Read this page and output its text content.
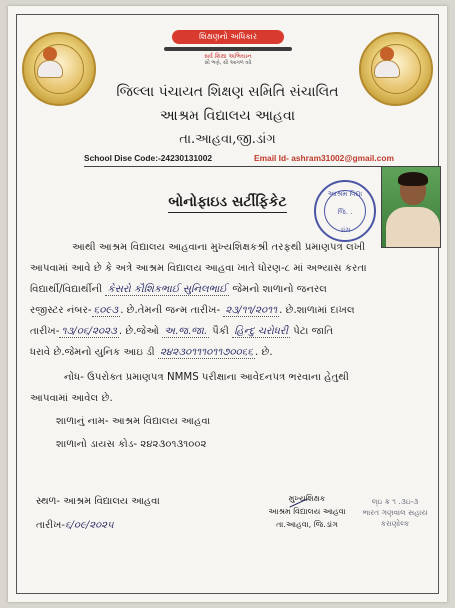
શિક્ષણનો અધિકાર
સર્વ શિક્ષા અભિયાન
સૌ ભણે, સૌ આગળ વધે
જિલ્લા પંચાયત શિક્ષણ સમિતિ સંચાલિત
આશ્રમ વિદ્યાલય આહવા
તા.આહવા,જી.ડાંગ
School Dise Code:-24230131002	Email Id- ashram31002@gmail.com
આશ્રમ વિદ્યા
જિ. .
ડાંગ
બોનોફાઇડ સર્ટીફિકેટ
આથી આશ્રમ વિદ્યાલય આહવાના મુખ્યશિક્ષકશ્રી તરફથી પ્રમાણપત્ર લખી
આપવામાં આવે છે કે અત્રે આશ્રમ વિદ્યાલય આહવા ખાતે ધોરણ-૮ માં અભ્યાસ કરતા
વિદ્યાર્થી/વિદ્યાર્થીની કેસરો કૌશિકભાઈ સુનિલભાઈ જેમનો શાળાનો જનરલ
રજીસ્ટર નંબર- ૬૦૯૩ . છે.તેમની જન્મ તારીખ- ૨૩/૧૧/૨૦૧૧ . છે.શાળામાં દાખલ
તારીખ- ૧૩/૦૬/૨૦૨૩ . છે.જેઓ અ.જ.જા. પૈકી હિન્દુ ચરોધરી પેટા જાતિ
ધરાવે છે.જેમનો યુનિક આઇ ડી ૨૪૨૩૦૧૧૧૦૧૧૭૦૦૬૬ . છે.
નોંધ- ઉપરોક્ત પ્રમાણપત્ર NMMS પરીક્ષાના આવેદનપત્ર ભરવાના હેતુથી
આપવામાં આવેલ છે.
શાળાનું નામ- આશ્રમ વિદ્યાલય આહવા
શાળાનો ડાયસ કોડ- ૨૪૨૩૦૧૩૧૦૦૨
સ્થળ- આશ્રમ વિદ્યાલય આહવા
તારીખ-૬/૦૯/૨૦૨૫
મુખ્યશિક્ષક
આશ્રમ વિદ્યાલય આહવા
તા.આહવા, જિ.ડાંગ
લ્ઇ ક્ર ૧ .૩ઇ-૩
ભારત ગણવાલ સહાય
કરાણોલ્ક
